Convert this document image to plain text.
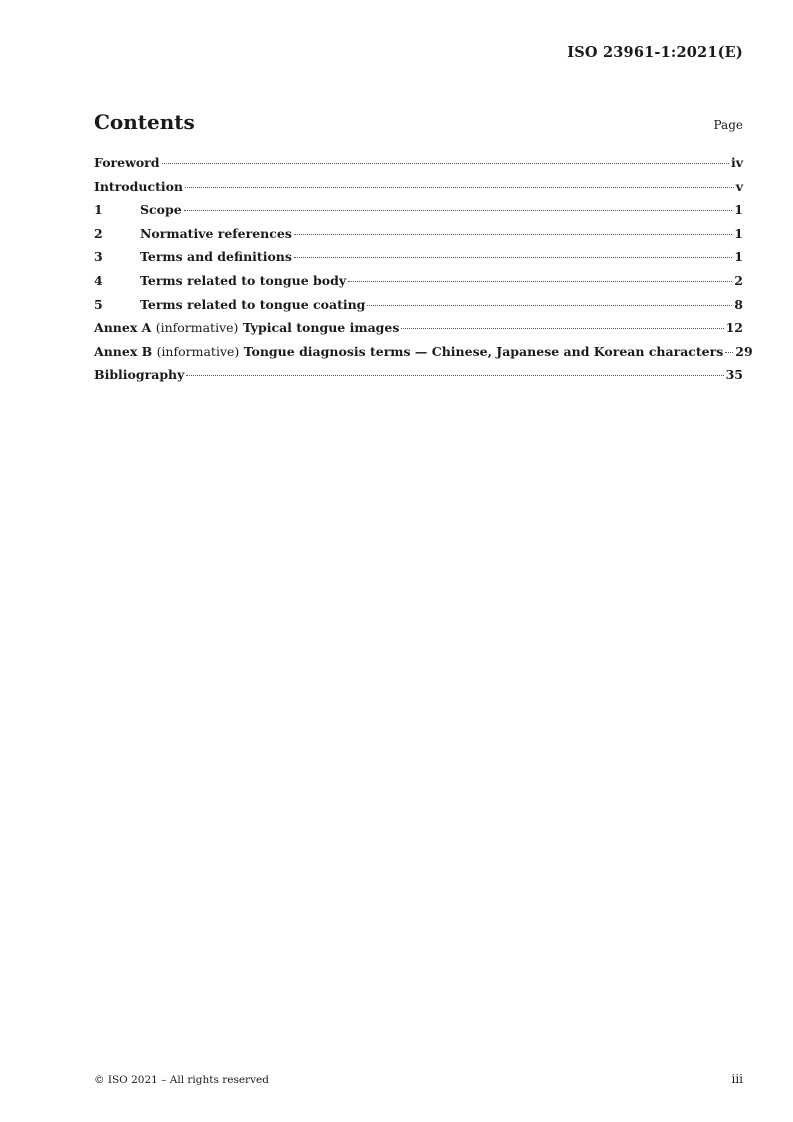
ISO 23961-1:2021(E)
Contents	Page
Foreword	iv
Introduction	v
1	Scope	1
2	Normative references	1
3	Terms and definitions	1
4	Terms related to tongue body	2
5	Terms related to tongue coating	8
Annex A (informative) Typical tongue images	12
Annex B (informative) Tongue diagnosis terms — Chinese, Japanese and Korean characters 29
Bibliography	35
© ISO 2021 – All rights reserved	iii
